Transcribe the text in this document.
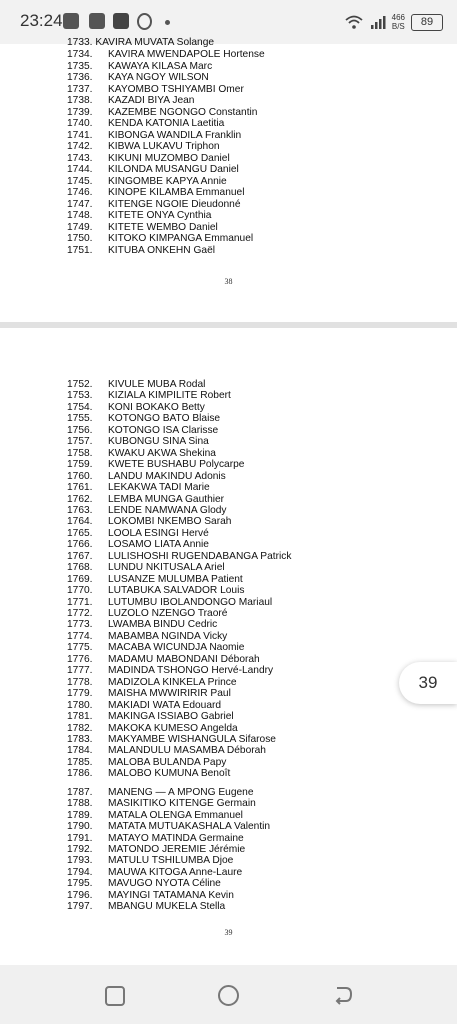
23:24	466
B/S	89
1733. KAVIRA MUVATA Solange
1734.	KAVIRA MWENDAPOLE Hortense
1735.	KAWAYA KILASA Marc
1736.	KAYA NGOY WILSON
1737.	KAYOMBO TSHIYAMBI Omer
1738.	KAZADI BIYA Jean
1739.	KAZEMBE NGONGO Constantin
1740.	KENDA KATONIA Laetitia
1741.	KIBONGA WANDILA Franklin
1742.	KIBWA LUKAVU Triphon
1743.	KIKUNI MUZOMBO Daniel
1744.	KILONDA MUSANGU Daniel
1745.	KINGOMBE KAPYA Annie
1746.	KINOPE KILAMBA Emmanuel
1747.	KITENGE NGOIE Dieudonné
1748.	KITETE ONYA Cynthia
1749.	KITETE WEMBO Daniel
1750.	KITOKO KIMPANGA Emmanuel
1751.	KITUBA ONKEHN Gaël
38
1752.	KIVULE MUBA Rodal
1753.	KIZIALA KIMPILITE Robert
1754.	KONI BOKAKO Betty
1755.	KOTONGO BATO Blaise
1756.	KOTONGO ISA Clarisse
1757.	KUBONGU SINA Sina
1758.	KWAKU AKWA Shekina
1759.	KWETE BUSHABU Polycarpe
1760.	LANDU MAKINDU Adonis
1761.	LEKAKWA TADI Marie
1762.	LEMBA MUNGA Gauthier
1763.	LENDE NAMWANA Glody
1764.	LOKOMBI NKEMBO Sarah
1765.	LOOLA ESINGI Hervé
1766.	LOSAMO LIATA Annie
1767.	LULISHOSHI RUGENDABANGA Patrick
1768.	LUNDU NKITUSALA Ariel
1769.	LUSANZE MULUMBA Patient
1770.	LUTABUKA SALVADOR Louis
1771.	LUTUMBU IBOLANDONGO Mariaul
1772.	LUZOLO NZENGO Traoré
1773.	LWAMBA BINDU Cedric
1774.	MABAMBA NGINDA Vicky
1775.	MACABA WICUNDJA Naomie
1776.	MADAMU MABONDANI Déborah
1777.	MADINDA TSHONGO Hervé-Landry
1778.	MADIZOLA KINKELA Prince
1779.	MAISHA MWWIRIRIR Paul
1780.	MAKIADI WATA Edouard
1781.	MAKINGA ISSIABO Gabriel
1782.	MAKOKA KUMESO Angelda
1783.	MAKYAMBE WISHANGULA Sifarose
1784.	MALANDULU MASAMBA Déborah
1785.	MALOBA BULANDA Papy
1786.	MALOBO KUMUNA Benoît
1787.	MANENG — A MPONG Eugene
1788.	MASIKITIKO KITENGE Germain
1789.	MATALA OLENGA Emmanuel
1790.	MATATA MUTUAKASHALA Valentin
1791.	MATAYO MATINDA Germaine
1792.	MATONDO JEREMIE Jérémie
1793.	MATULU TSHILUMBA Djoe
1794.	MAUWA KITOGA Anne-Laure
1795.	MAVUGO NYOTA Céline
1796.	MAYINGI TATAMANA Kevin
1797.	MBANGU MUKELA Stella
39
39
